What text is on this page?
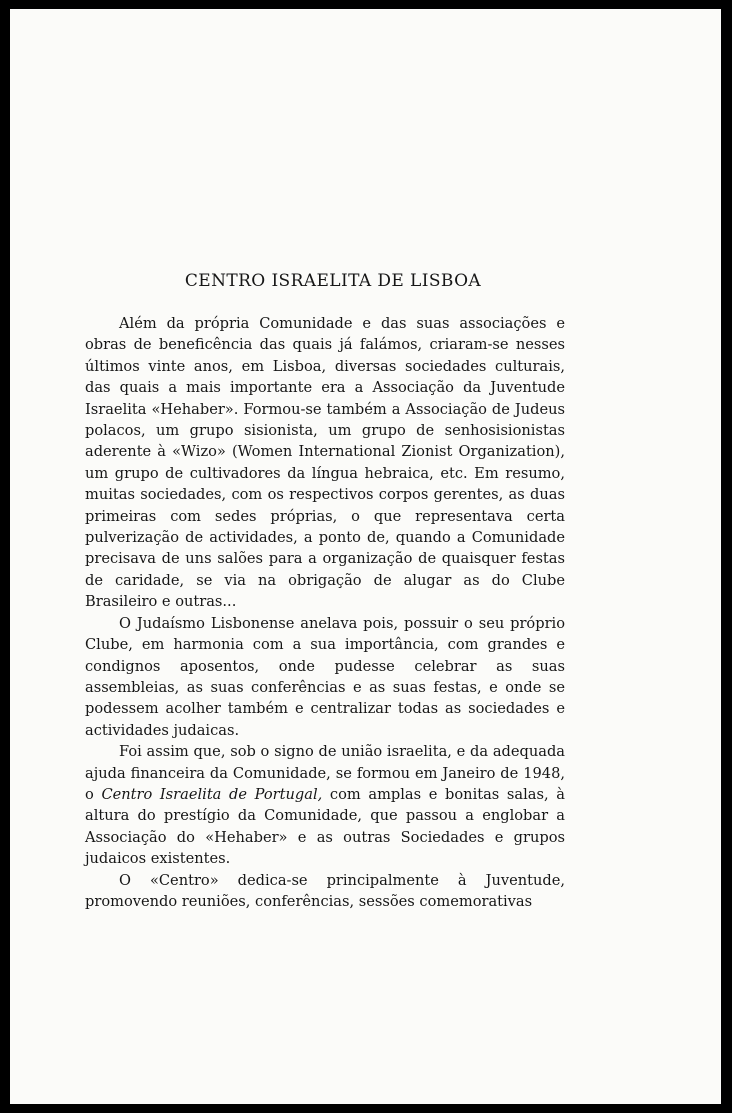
CENTRO ISRAELITA DE LISBOA

Além da própria Comunidade e das suas associações e obras de beneficência das quais já falámos, criaram-se nesses últimos vinte anos, em Lisboa, diversas sociedades culturais, das quais a mais importante era a Associação da Juventude Israelita «Hehaber». Formou-se também a Associação de Judeus polacos, um grupo sisionista, um grupo de senhosisionistas aderente à «Wizo» (Women International Zionist Organization), um grupo de cultivadores da língua hebraica, etc. Em resumo, muitas sociedades, com os respectivos corpos gerentes, as duas primeiras com sedes próprias, o que representava certa pulverização de actividades, a ponto de, quando a Comunidade precisava de uns salões para a organização de quaisquer festas de caridade, se via na obrigação de alugar as do Clube Brasileiro e outras...

O Judaísmo Lisbonense anelava pois, possuir o seu próprio Clube, em harmonia com a sua importância, com grandes e condignos aposentos, onde pudesse celebrar as suas assembleias, as suas conferências e as suas festas, e onde se podessem acolher também e centralizar todas as sociedades e actividades judaicas.

Foi assim que, sob o signo de união israelita, e da adequada ajuda financeira da Comunidade, se formou em Janeiro de 1948, o Centro Israelita de Portugal, com amplas e bonitas salas, à altura do prestígio da Comunidade, que passou a englobar a Associação do «Hehaber» e as outras Sociedades e grupos judaicos existentes.

O «Centro» dedica-se principalmente à Juventude, promovendo reuniões, conferências, sessões comemorativas
